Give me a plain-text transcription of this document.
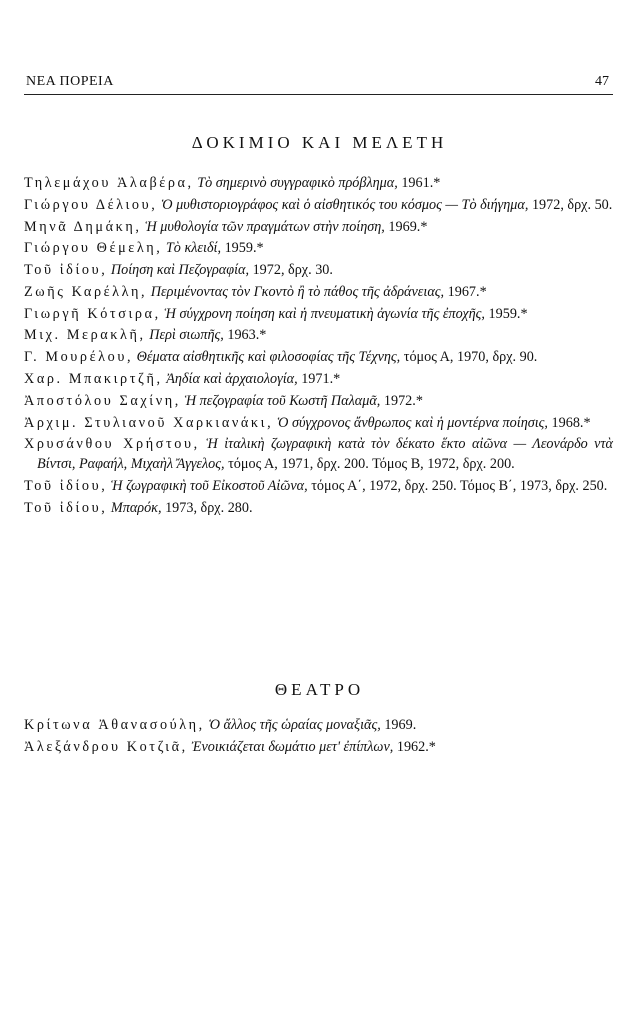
ΝΕΑ ΠΟΡΕΙΑ	47
ΔΟΚΙΜΙΟ ΚΑΙ ΜΕΛΕΤΗ
Τηλεμάχου Ἀλαβέρα, Τὸ σημερινὸ συγγραφικὸ πρόβλημα, 1961.*
Γιώργου Δέλιου, Ὁ μυθιστοριογράφος καὶ ὁ αἰσθητικός του κόσμος — Τὸ διήγημα, 1972, δρχ. 50.
Μηνᾶ Δημάκη, Ἡ μυθολογία τῶν πραγμάτων στὴν ποίηση, 1969.*
Γιώργου Θέμελη, Τὸ κλειδί, 1959.*
Τοῦ ἰδίου, Ποίηση καὶ Πεζογραφία, 1972, δρχ. 30.
Ζωῆς Καρέλλη, Περιμένοντας τὸν Γκοντὸ ἢ τὸ πάθος τῆς ἀδράνειας, 1967.*
Γιωργῆ Κότσιρα, Ἡ σύγχρονη ποίηση καὶ ἡ πνευματικὴ ἀγωνία τῆς ἐποχῆς, 1959.*
Μιχ. Μερακλῆ, Περὶ σιωπῆς, 1963.*
Γ. Μουρέλου, Θέματα αἰσθητικῆς καὶ φιλοσοφίας τῆς Τέχνης, τόμος Α, 1970, δρχ. 90.
Χαρ. Μπακιρτζῆ, Ἀηδία καὶ ἀρχαιολογία, 1971.*
Ἀποστόλου Σαχίνη, Ἡ πεζογραφία τοῦ Κωστῆ Παλαμᾶ, 1972.*
Ἀρχιμ. Στυλιανοῦ Χαρκιανάκι, Ὁ σύγχρονος ἄνθρωπος καὶ ἡ μοντέρνα ποίησις, 1968.*
Χρυσάνθου Χρήστου, Ἡ ἰταλικὴ ζωγραφικὴ κατὰ τὸν δέκατο ἕκτο αἰῶνα — Λεονάρδο ντὰ Βίντσι, Ραφαήλ, Μιχαὴλ Ἄγγελος, τόμος Α, 1971, δρχ. 200. Τόμος Β, 1972, δρχ. 200.
Τοῦ ἰδίου, Ἡ ζωγραφικὴ τοῦ Εἰκοστοῦ Αἰῶνα, τόμος Α΄, 1972, δρχ. 250. Τόμος Β΄, 1973, δρχ. 250.
Τοῦ ἰδίου, Μπαρόκ, 1973, δρχ. 280.
ΘΕΑΤΡΟ
Κρίτωνα Ἀθανασούλη, Ὁ ἄλλος τῆς ὡραίας μοναξιᾶς, 1969.
Ἀλεξάνδρου Κοτζιᾶ, Ἐνοικιάζεται δωμάτιο μετ' ἐπίπλων, 1962.*
